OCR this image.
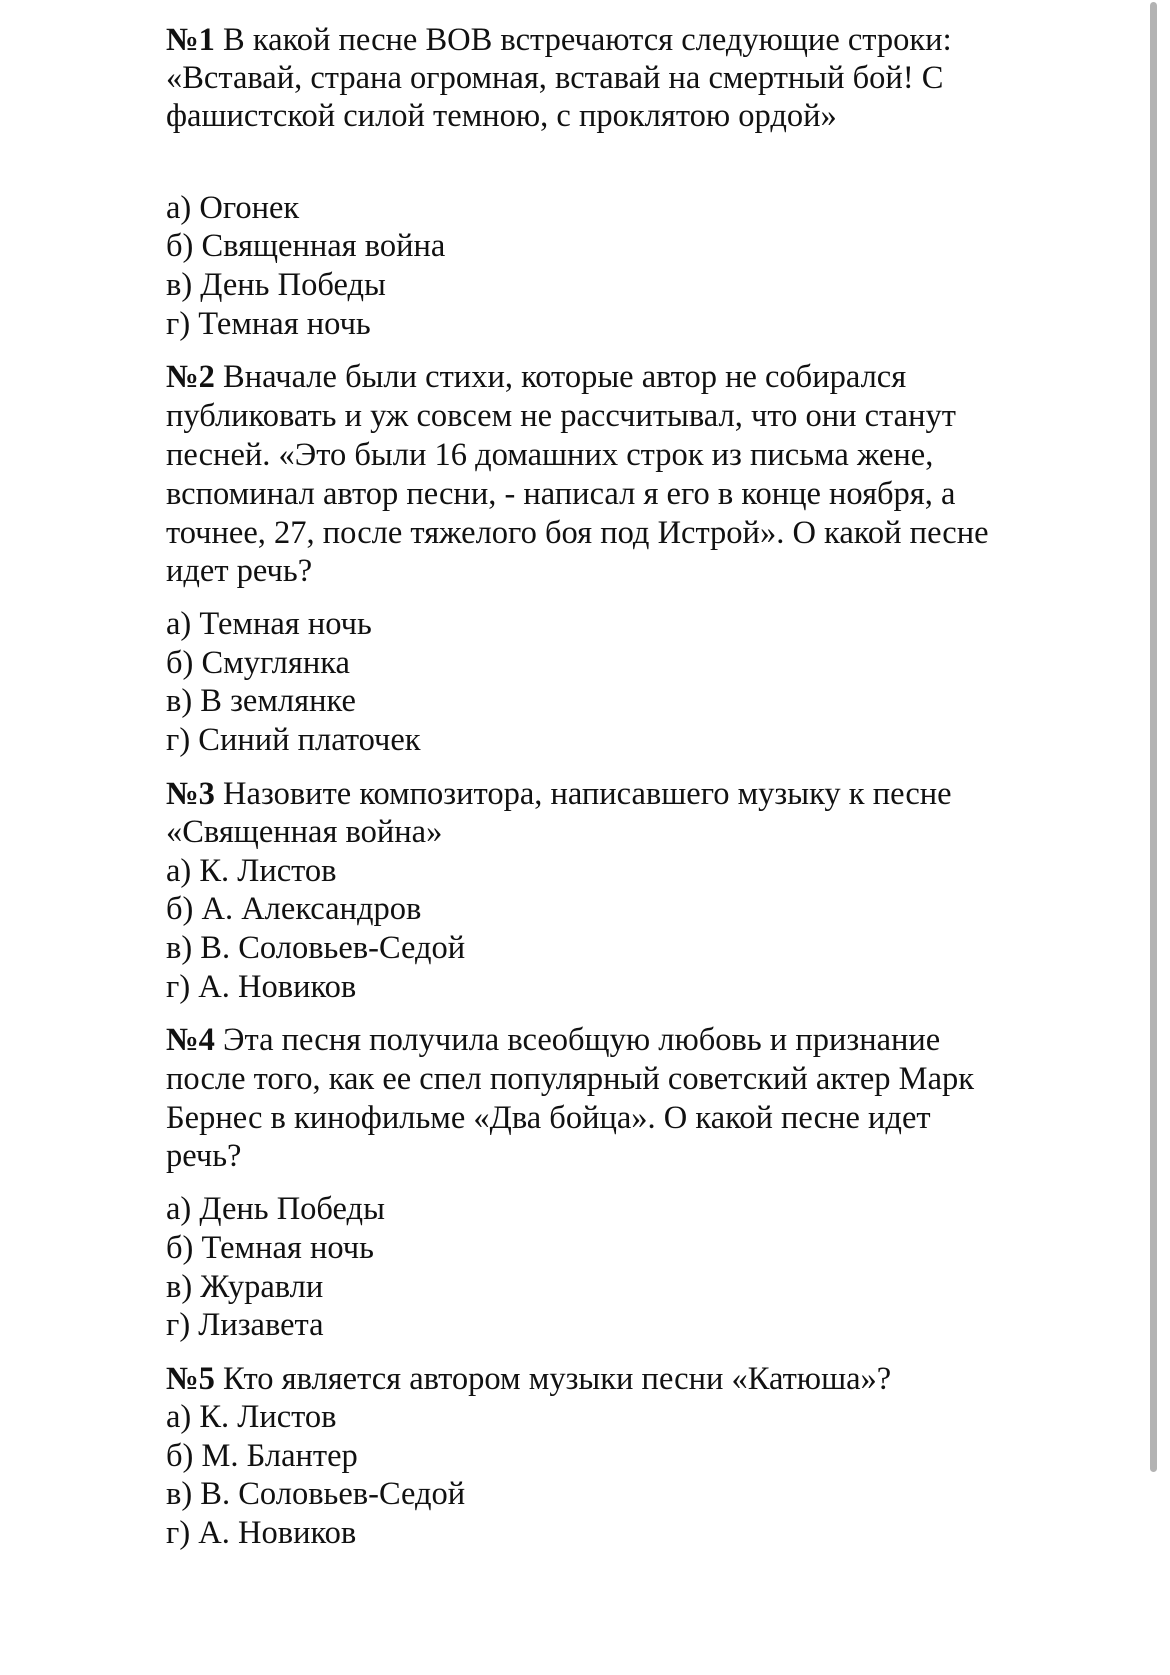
№1 В какой песне ВОВ встречаются следующие строки:
«Вставай, страна огромная, вставай на смертный бой! С
фашистской силой темною, с проклятою ордой»
а) Огонек
б) Священная война
в) День Победы
г) Темная ночь
№2 Вначале были стихи, которые автор не собирался
публиковать и уж совсем не рассчитывал, что они станут
песней. «Это были 16 домашних строк из письма жене,
вспоминал автор песни, - написал я его в конце ноября, а
точнее, 27, после тяжелого боя под Истрой». О какой песне
идет речь?
а) Темная ночь
б) Смуглянка
в) В землянке
г) Синий платочек
№3 Назовите композитора, написавшего музыку к песне
«Священная война»
а) К. Листов
б) А. Александров
в) В. Соловьев-Седой
г) А. Новиков
№4 Эта песня получила всеобщую любовь и признание
после того, как ее спел популярный советский актер Марк
Бернес в кинофильме «Два бойца». О какой песне идет
речь?
а) День Победы
б) Темная ночь
в) Журавли
г) Лизавета
№5 Кто является автором музыки песни «Катюша»?
а) К. Листов
б) М. Блантер
в) В. Соловьев-Седой
г) А. Новиков
